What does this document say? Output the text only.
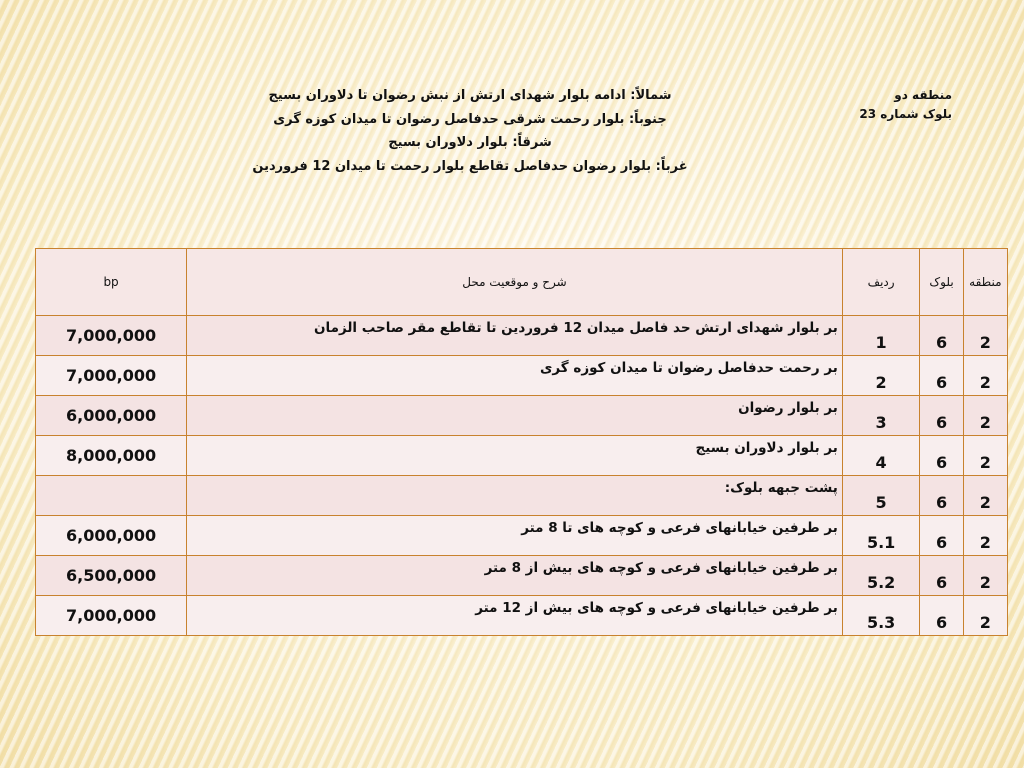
منطقه دو
بلوک شماره 23
شمالاً: ادامه بلوار شهدای ارتش از نبش رضوان تا دلاوران بسیج
جنوباً: بلوار رحمت شرقی حدفاصل رضوان تا میدان کوزه گری
شرقاً: بلوار دلاوران بسیج
غرباً: بلوار رضوان حدفاصل تقاطع بلوار رحمت تا میدان 12 فروردین
منطقه	بلوک	ردیف	شرح و موقعیت محل	bp
2	6	1	بر بلوار شهدای ارتش حد فاصل میدان 12 فروردین تا تقاطع مقر صاحب الزمان	7,000,000
2	6	2	بر رحمت حدفاصل رضوان تا میدان کوزه گری	7,000,000
2	6	3	بر بلوار رضوان	6,000,000
2	6	4	بر بلوار دلاوران بسیج	8,000,000
2	6	5	پشت جبهه بلوک:	
2	6	5.1	بر طرفین خیابانهای فرعی و کوچه های تا 8 متر	6,000,000
2	6	5.2	بر طرفین خیابانهای فرعی و کوچه های بیش از 8 متر	6,500,000
2	6	5.3	بر طرفین خیابانهای فرعی و کوچه های بیش از 12 متر	7,000,000
